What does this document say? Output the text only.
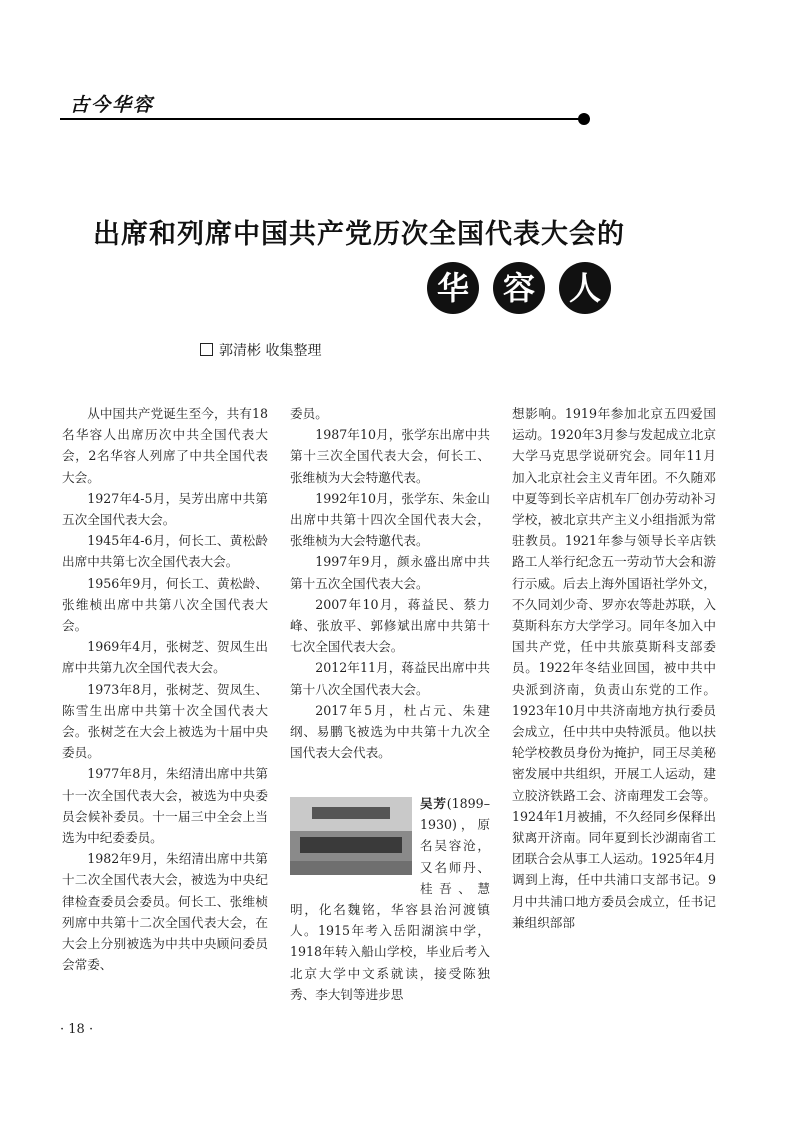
古今华容
出席和列席中国共产党历次全国代表大会的
华 容 人
郭清彬 收集整理

从中国共产党诞生至今，共有18名华容人出席历次中共全国代表大会，2名华容人列席了中共全国代表大会。

1927年4-5月，吴芳出席中共第五次全国代表大会。

1945年4-6月，何长工、黄松龄出席中共第七次全国代表大会。

1956年9月，何长工、黄松龄、张维桢出席中共第八次全国代表大会。

1969年4月，张树芝、贺凤生出席中共第九次全国代表大会。

1973年8月，张树芝、贺凤生、陈雪生出席中共第十次全国代表大会。张树芝在大会上被选为十届中央委员。

1977年8月，朱绍清出席中共第十一次全国代表大会，被选为中央委员会候补委员。十一届三中全会上当选为中纪委委员。

1982年9月，朱绍清出席中共第十二次全国代表大会，被选为中央纪律检查委员会委员。何长工、张维桢列席中共第十二次全国代表大会，在大会上分别被选为中共中央顾问委员会常委、

委员。

1987年10月，张学东出席中共第十三次全国代表大会，何长工、张维桢为大会特邀代表。

1992年10月，张学东、朱金山出席中共第十四次全国代表大会，张维桢为大会特邀代表。

1997年9月，颜永盛出席中共第十五次全国代表大会。

2007年10月，蒋益民、蔡力峰、张放平、郭修斌出席中共第十七次全国代表大会。

2012年11月，蒋益民出席中共第十八次全国代表大会。

2017年5月，杜占元、朱建纲、易鹏飞被选为中共第十九次全国代表大会代表。

吴芳(1899–1930)，原名吴容沧，又名师丹、桂吾、慧明，化名魏铭，华容县治河渡镇人。1915年考入岳阳湖滨中学，1918年转入船山学校，毕业后考入北京大学中文系就读，接受陈独秀、李大钊等进步思

想影响。1919年参加北京五四爱国运动。1920年3月参与发起成立北京大学马克思学说研究会。同年11月加入北京社会主义青年团。不久随邓中夏等到长辛店机车厂创办劳动补习学校，被北京共产主义小组指派为常驻教员。1921年参与领导长辛店铁路工人举行纪念五一劳动节大会和游行示威。后去上海外国语社学外文，不久同刘少奇、罗亦农等赴苏联，入莫斯科东方大学学习。同年冬加入中国共产党，任中共旅莫斯科支部委员。1922年冬结业回国，被中共中央派到济南，负责山东党的工作。1923年10月中共济南地方执行委员会成立，任中共中央特派员。他以扶轮学校教员身份为掩护，同王尽美秘密发展中共组织，开展工人运动，建立胶济铁路工会、济南理发工会等。1924年1月被捕，不久经同乡保释出狱离开济南。同年夏到长沙湖南省工团联合会从事工人运动。1925年4月调到上海，任中共浦口支部书记。9月中共浦口地方委员会成立，任书记兼组织部部

· 18 ·
